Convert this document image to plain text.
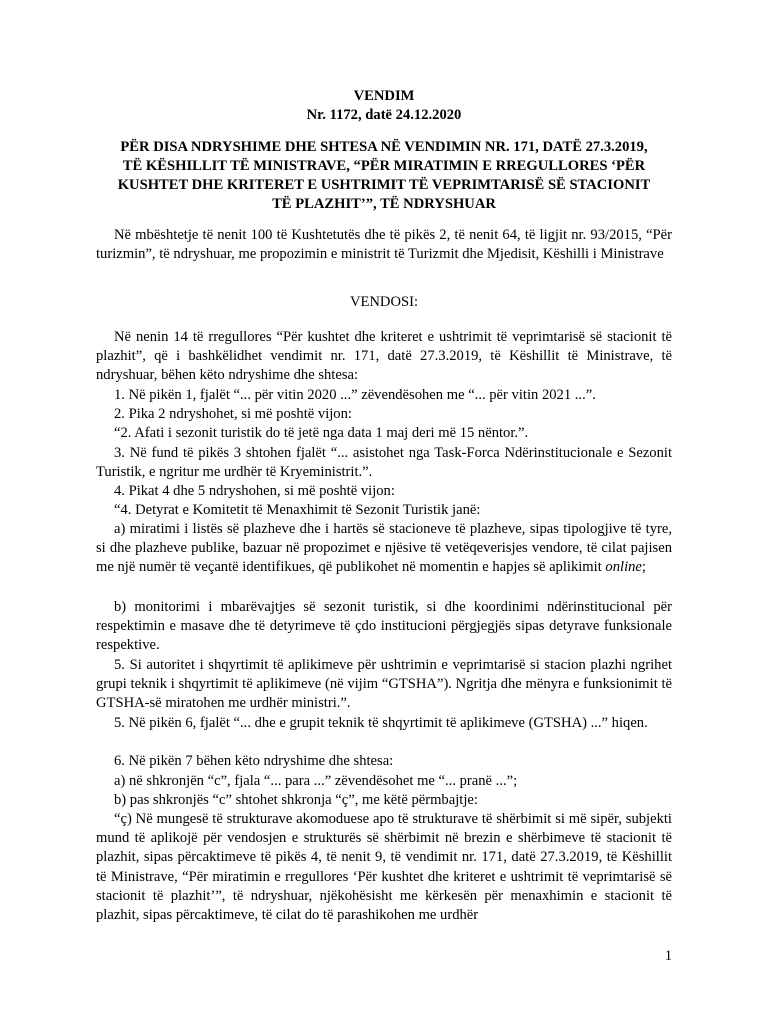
VENDIM
Nr. 1172, datë 24.12.2020
PËR DISA NDRYSHIME DHE SHTESA NË VENDIMIN NR. 171, DATË 27.3.2019,
TË KËSHILLIT TË MINISTRAVE, “PËR MIRATIMIN E RREGULLORES ‘PËR
KUSHTET DHE KRITERET E USHTRIMIT TË VEPRIMTARISË SË STACIONIT
TË PLAZHIT’”, TË NDRYSHUAR
Në mbështetje të nenit 100 të Kushtetutës dhe të pikës 2, të nenit 64, të ligjit nr. 93/2015, “Për turizmin”, të ndryshuar, me propozimin e ministrit të Turizmit dhe Mjedisit, Këshilli i Ministrave
VENDOSI:
Në nenin 14 të rregullores “Për kushtet dhe kriteret e ushtrimit të veprimtarisë së stacionit të plazhit”, që i bashkëlidhet vendimit nr. 171, datë 27.3.2019, të Këshillit të Ministrave, të ndryshuar, bëhen këto ndryshime dhe shtesa:
1. Në pikën 1, fjalët “... për vitin 2020 ...” zëvendësohen me “... për vitin 2021 ...”.
2. Pika 2 ndryshohet, si më poshtë vijon:
“2. Afati i sezonit turistik do të jetë nga data 1 maj deri më 15 nëntor.”.
3. Në fund të pikës 3 shtohen fjalët “... asistohet nga Task-Forca Ndërinstitucionale e Sezonit Turistik, e ngritur me urdhër të Kryeministrit.”.
4. Pikat 4 dhe 5 ndryshohen, si më poshtë vijon:
“4. Detyrat e Komitetit të Menaxhimit të Sezonit Turistik janë:
a) miratimi i listës së plazheve dhe i hartës së stacioneve të plazheve, sipas tipologjive të tyre, si dhe plazheve publike, bazuar në propozimet e njësive të vetëqeverisjes vendore, të cilat pajisen me një numër të veçantë identifikues, që publikohet në momentin e hapjes së aplikimit online;
b) monitorimi i mbarëvajtjes së sezonit turistik, si dhe koordinimi ndërinstitucional për respektimin e masave dhe të detyrimeve të çdo institucioni përgjegjës sipas detyrave funksionale respektive.
5. Si autoritet i shqyrtimit të aplikimeve për ushtrimin e veprimtarisë si stacion plazhi ngrihet grupi teknik i shqyrtimit të aplikimeve (në vijim “GTSHA”). Ngritja dhe mënyra e funksionimit të GTSHA-së miratohen me urdhër ministri.”.
5. Në pikën 6, fjalët “... dhe e grupit teknik të shqyrtimit të aplikimeve (GTSHA) ...” hiqen.
6. Në pikën 7 bëhen këto ndryshime dhe shtesa:
a) në shkronjën “c”, fjala “... para ...” zëvendësohet me “... pranë ...”;
b) pas shkronjës “c” shtohet shkronja “ç”, me këtë përmbajtje:
“ç) Në mungesë të strukturave akomoduese apo të strukturave të shërbimit si më sipër, subjekti mund të aplikojë për vendosjen e strukturës së shërbimit në brezin e shërbimeve të stacionit të plazhit, sipas përcaktimeve të pikës 4, të nenit 9, të vendimit nr. 171, datë 27.3.2019, të Këshillit të Ministrave, “Për miratimin e rregullores ‘Për kushtet dhe kriteret e ushtrimit të veprimtarisë së stacionit të plazhit’”, të ndryshuar, njëkohësisht me kërkesën për menaxhimin e stacionit të plazhit, sipas përcaktimeve, të cilat do të parashikohen me urdhër
1
